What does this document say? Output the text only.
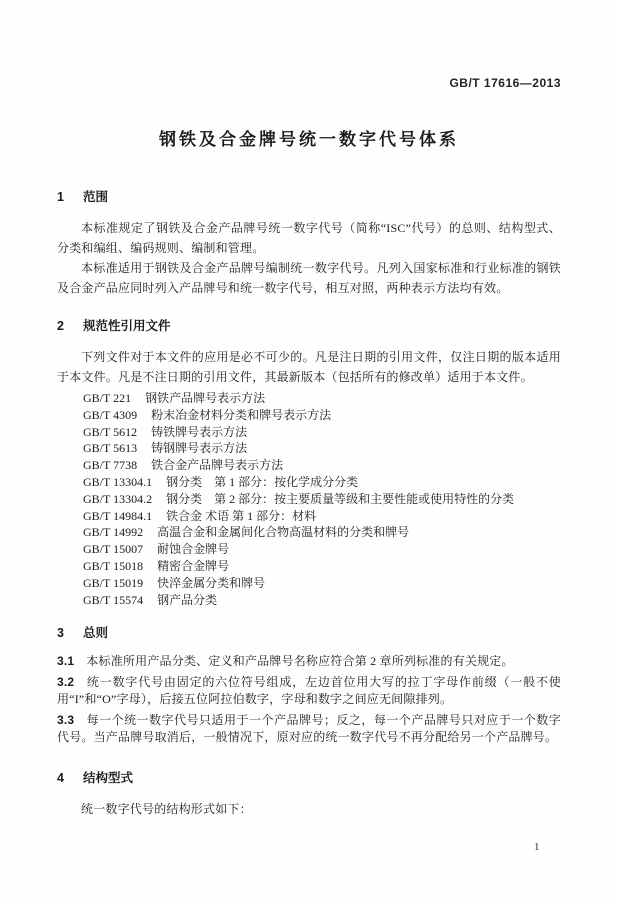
GB/T 17616—2013
钢铁及合金牌号统一数字代号体系
1 范围

本标准规定了钢铁及合金产品牌号统一数字代号（简称“ISC”代号）的总则、结构型式、分类和编组、编码规则、编制和管理。

本标准适用于钢铁及合金产品牌号编制统一数字代号。凡列入国家标准和行业标准的钢铁及合金产品应同时列入产品牌号和统一数字代号，相互对照，两种表示方法均有效。

2 规范性引用文件

下列文件对于本文件的应用是必不可少的。凡是注日期的引用文件，仅注日期的版本适用于本文件。凡是不注日期的引用文件，其最新版本（包括所有的修改单）适用于本文件。

GB/T 221 钢铁产品牌号表示方法
GB/T 4309 粉末冶金材料分类和牌号表示方法
GB/T 5612 铸铁牌号表示方法
GB/T 5613 铸钢牌号表示方法
GB/T 7738 铁合金产品牌号表示方法
GB/T 13304.1 钢分类　第 1 部分：按化学成分分类
GB/T 13304.2 钢分类　第 2 部分：按主要质量等级和主要性能或使用特性的分类
GB/T 14984.1 铁合金 术语 第 1 部分：材料
GB/T 14992 高温合金和金属间化合物高温材料的分类和牌号
GB/T 15007 耐蚀合金牌号
GB/T 15018 精密合金牌号
GB/T 15019 快淬金属分类和牌号
GB/T 15574 钢产品分类
3 总则

3.1 本标准所用产品分类、定义和产品牌号名称应符合第 2 章所列标准的有关规定。

3.2 统一数字代号由固定的六位符号组成，左边首位用大写的拉丁字母作前缀（一般不使用“I”和“O”字母），后接五位阿拉伯数字，字母和数字之间应无间隙排列。

3.3 每一个统一数字代号只适用于一个产品牌号；反之，每一个产品牌号只对应于一个数字代号。当产品牌号取消后，一般情况下，原对应的统一数字代号不再分配给另一个产品牌号。

4 结构型式

统一数字代号的结构形式如下：

1
